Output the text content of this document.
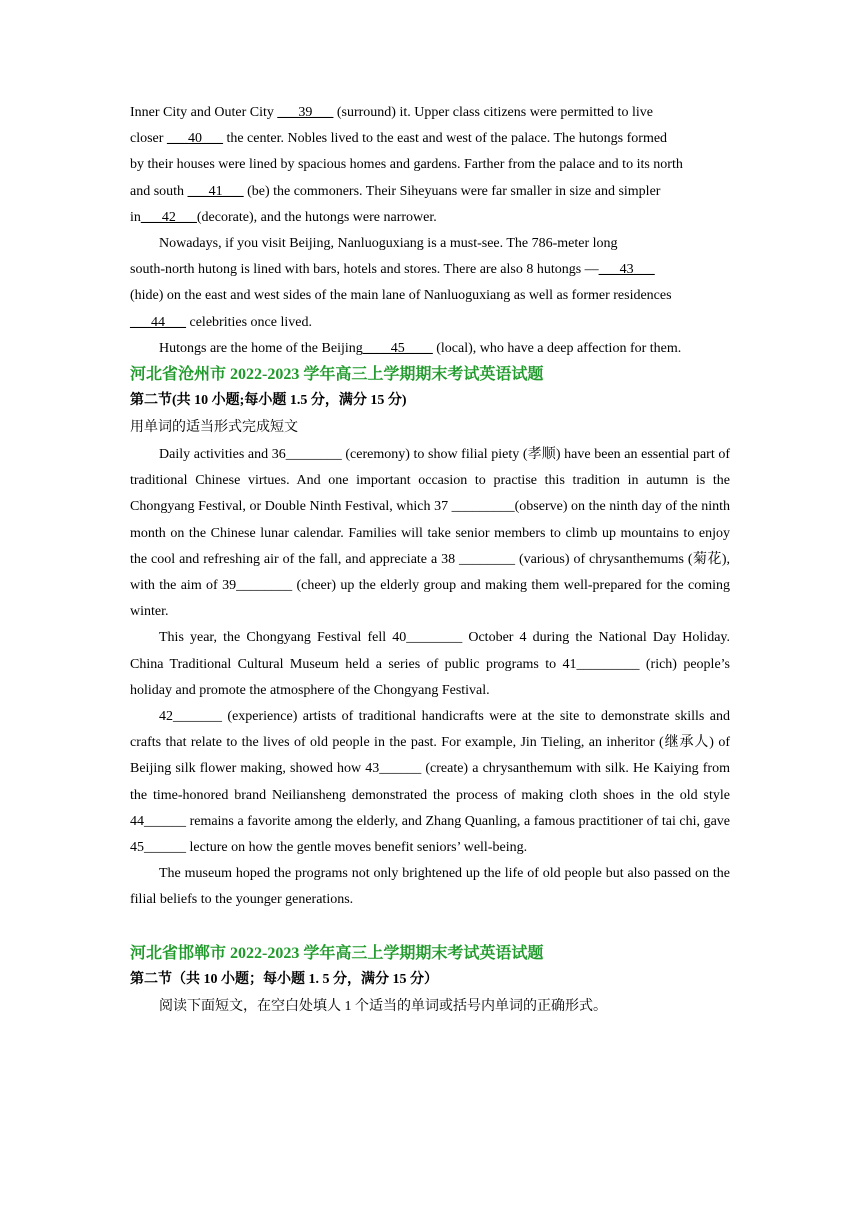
Inner City and Outer City ___39___ (surround) it. Upper class citizens were permitted to live

closer ___40___ the center. Nobles lived to the east and west of the palace. The hutongs formed

by their houses were lined by spacious homes and gardens. Farther from the palace and to its north

and south ___41___ (be) the commoners. Their Siheyuans were far smaller in size and simpler

in___42___(decorate), and the hutongs were narrower.

Nowadays, if you visit Beijing, Nanluoguxiang is a must-see. The 786-meter long

south-north hutong is lined with bars, hotels and stores. There are also 8 hutongs —___43___

(hide) on the east and west sides of the main lane of Nanluoguxiang as well as former residences

___44___ celebrities once lived.

Hutongs are the home of the Beijing____45____ (local), who have a deep affection for them.

河北省沧州市 2022-2023 学年高三上学期期末考试英语试题

第二节(共 10 小题;每小题 1.5 分，满分 15 分)

用单词的适当形式完成短文

Daily activities and 36________ (ceremony) to show filial piety (孝顺) have been an essential part of traditional Chinese virtues. And one important occasion to practise this tradition in autumn is the Chongyang Festival, or Double Ninth Festival, which 37 _________(observe) on the ninth day of the ninth month on the Chinese lunar calendar. Families will take senior members to climb up mountains to enjoy the cool and refreshing air of the fall, and appreciate a 38 ________ (various) of chrysanthemums (菊花), with the aim of 39________ (cheer) up the elderly group and making them well-prepared for the coming winter.

This year, the Chongyang Festival fell 40________ October 4 during the National Day Holiday. China Traditional Cultural Museum held a series of public programs to 41_________ (rich) people’s holiday and promote the atmosphere of the Chongyang Festival.

42_______ (experience) artists of traditional handicrafts were at the site to demonstrate skills and crafts that relate to the lives of old people in the past. For example, Jin Tieling, an inheritor (继承人) of Beijing silk flower making, showed how 43______ (create) a chrysanthemum with silk. He Kaiying from the time-honored brand Neiliansheng demonstrated the process of making cloth shoes in the old style 44______ remains a favorite among the elderly, and Zhang Quanling, a famous practitioner of tai chi, gave 45______ lecture on how the gentle moves benefit seniors’ well-being.

The museum hoped the programs not only brightened up the life of old people but also passed on the filial beliefs to the younger generations.

河北省邯郸市 2022-2023 学年高三上学期期末考试英语试题

第二节（共 10 小题；每小题 1. 5 分，满分 15 分）

阅读下面短文，在空白处填人 1 个适当的单词或括号内单词的正确形式。
